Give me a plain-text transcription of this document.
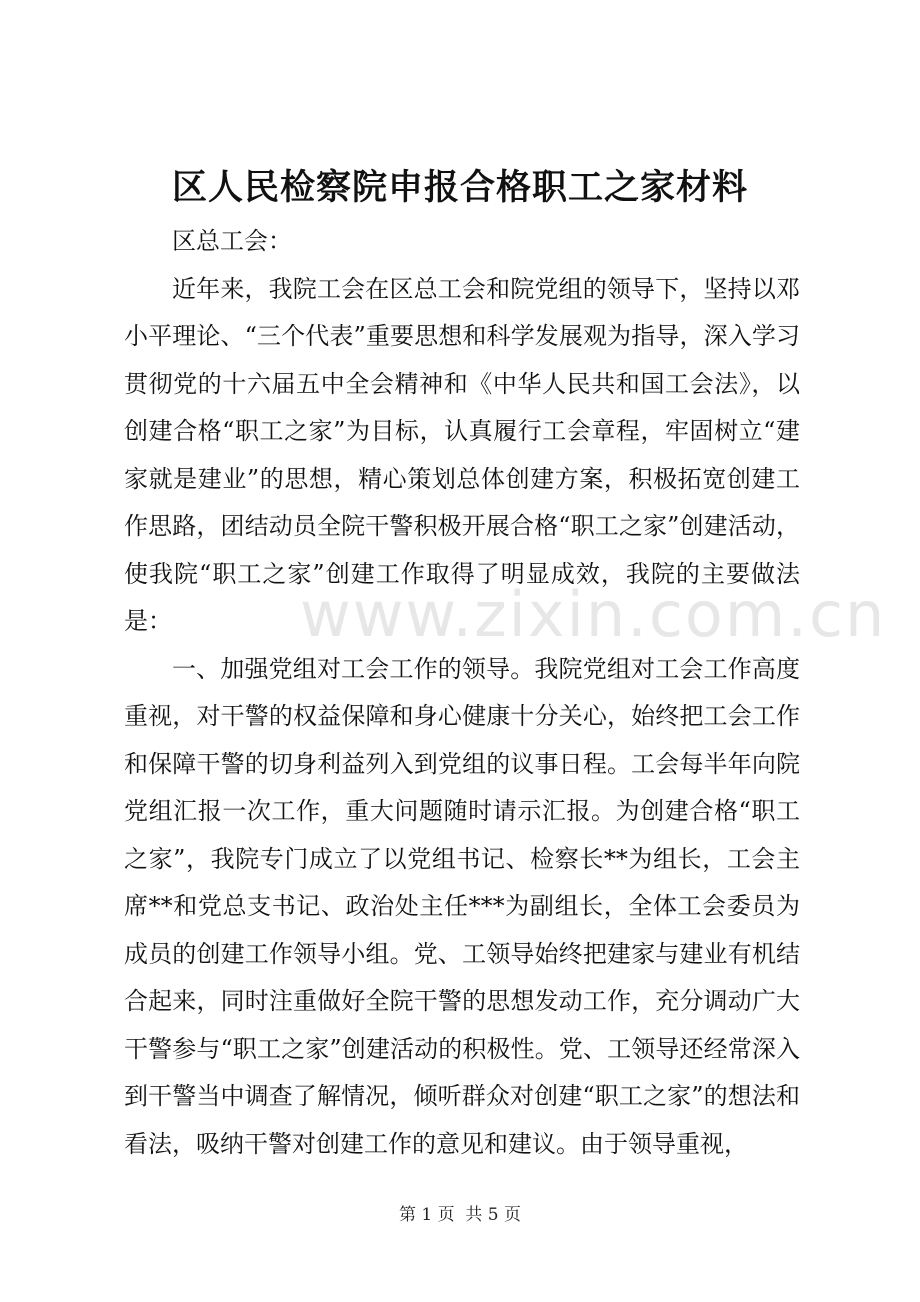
区人民检察院申报合格职工之家材料

区总工会：

近年来，我院工会在区总工会和院党组的领导下，坚持以邓小平理论、“三个代表”重要思想和科学发展观为指导，深入学习贯彻党的十六届五中全会精神和《中华人民共和国工会法》，以创建合格“职工之家”为目标，认真履行工会章程，牢固树立“建家就是建业”的思想，精心策划总体创建方案，积极拓宽创建工作思路，团结动员全院干警积极开展合格“职工之家”创建活动，使我院“职工之家”创建工作取得了明显成效，我院的主要做法是：

一、加强党组对工会工作的领导。我院党组对工会工作高度重视，对干警的权益保障和身心健康十分关心，始终把工会工作和保障干警的切身利益列入到党组的议事日程。工会每半年向院党组汇报一次工作，重大问题随时请示汇报。为创建合格“职工之家”，我院专门成立了以党组书记、检察长**为组长，工会主席**和党总支书记、政治处主任***为副组长，全体工会委员为成员的创建工作领导小组。党、工领导始终把建家与建业有机结合起来，同时注重做好全院干警的思想发动工作，充分调动广大干警参与“职工之家”创建活动的积极性。党、工领导还经常深入到干警当中调查了解情况，倾听群众对创建“职工之家”的想法和看法，吸纳干警对创建工作的意见和建议。由于领导重视，

www.zixin.com.cn
第 1 页  共 5 页
